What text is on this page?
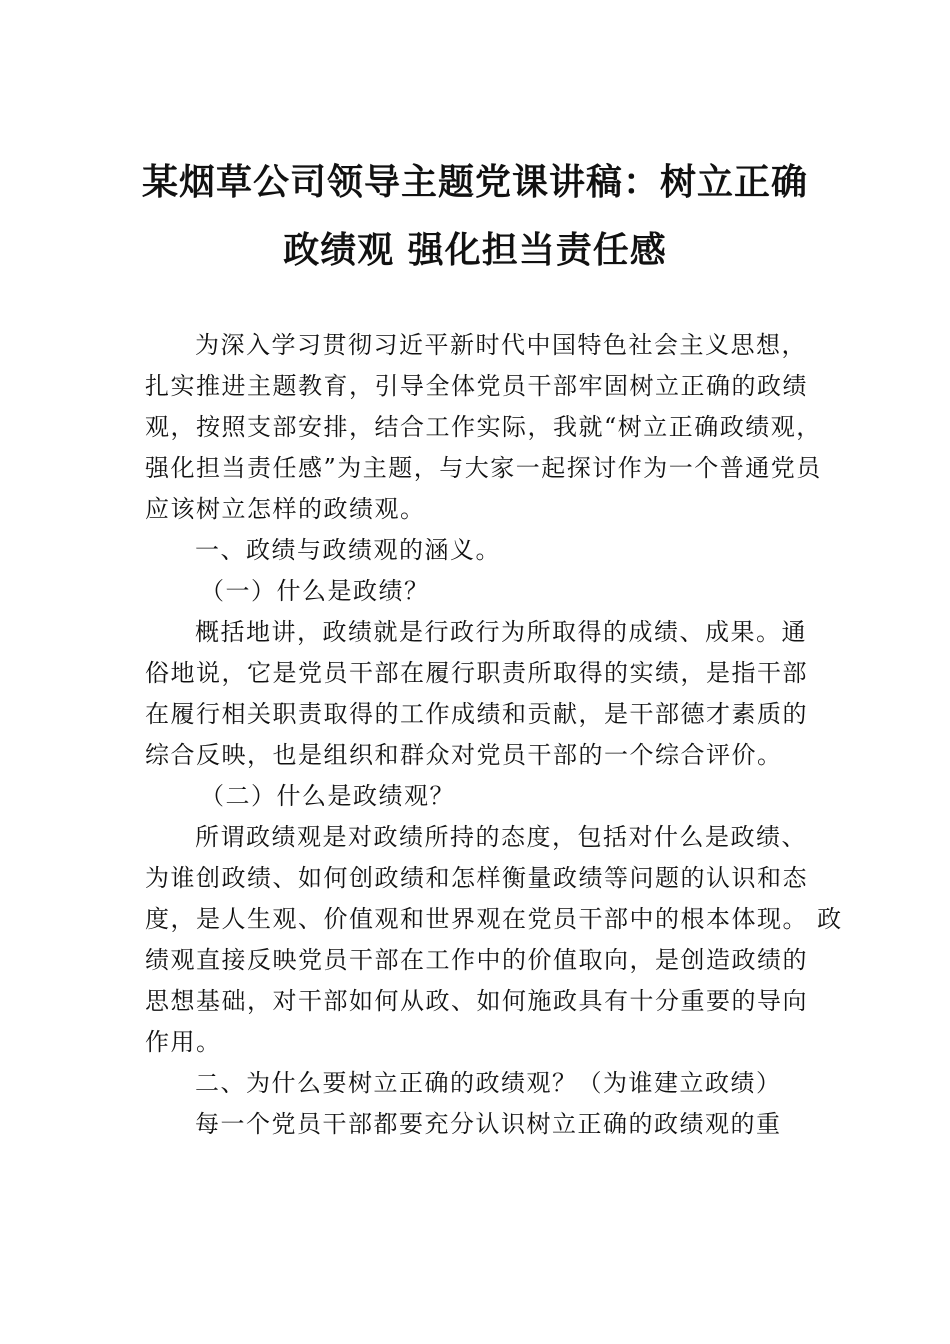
某烟草公司领导主题党课讲稿：树立正确
政绩观 强化担当责任感

为深入学习贯彻习近平新时代中国特色社会主义思想，
扎实推进主题教育，引导全体党员干部牢固树立正确的政绩
观，按照支部安排，结合工作实际，我就“树立正确政绩观，
强化担当责任感”为主题，与大家一起探讨作为一个普通党员
应该树立怎样的政绩观。

一、政绩与政绩观的涵义。

（一）什么是政绩？

概括地讲，政绩就是行政行为所取得的成绩、成果。通
俗地说，它是党员干部在履行职责所取得的实绩，是指干部
在履行相关职责取得的工作成绩和贡献，是干部德才素质的
综合反映，也是组织和群众对党员干部的一个综合评价。

（二）什么是政绩观？

所谓政绩观是对政绩所持的态度，包括对什么是政绩、
为谁创政绩、如何创政绩和怎样衡量政绩等问题的认识和态
度，是人生观、价值观和世界观在党员干部中的根本体现。 政
绩观直接反映党员干部在工作中的价值取向，是创造政绩的
思想基础，对干部如何从政、如何施政具有十分重要的导向
作用。

二、为什么要树立正确的政绩观？（为谁建立政绩）

每一个党员干部都要充分认识树立正确的政绩观的重
